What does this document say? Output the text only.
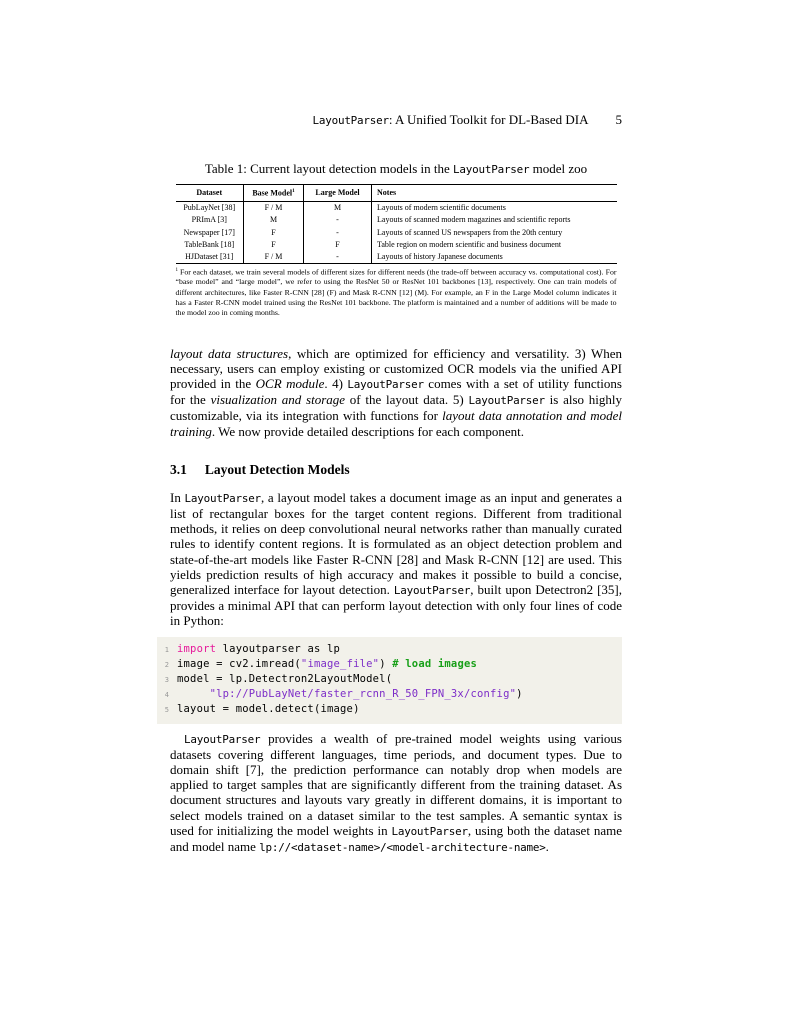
LayoutParser: A Unified Toolkit for DL-Based DIA 5
Table 1: Current layout detection models in the LayoutParser model zoo
Dataset	Base Model$^1$	Large Model	Notes
PubLayNet [38]	F / M	M	Layouts of modern scientific documents
PRImA [3]	M	-	Layouts of scanned modern magazines and scientific reports
Newspaper [17]	F	-	Layouts of scanned US newspapers from the 20th century
TableBank [18]	F	F	Table region on modern scientific and business document
HJDataset [31]	F / M	-	Layouts of history Japanese documents

$^1$ For each dataset, we train several models of different sizes for different needs (the trade-off between accuracy vs. computational cost). For “base model” and “large model”, we refer to using the ResNet 50 or ResNet 101 backbones [13], respectively. One can train models of different architectures, like Faster R-CNN [28] (F) and Mask R-CNN [12] (M). For example, an F in the Large Model column indicates it has a Faster R-CNN model trained using the ResNet 101 backbone. The platform is maintained and a number of additions will be made to the model zoo in coming months.

layout data structures, which are optimized for efficiency and versatility. 3) When necessary, users can employ existing or customized OCR models via the unified API provided in the OCR module. 4) LayoutParser comes with a set of utility functions for the visualization and storage of the layout data. 5) LayoutParser is also highly customizable, via its integration with functions for layout data annotation and model training. We now provide detailed descriptions for each component.

3.1 Layout Detection Models

In LayoutParser, a layout model takes a document image as an input and generates a list of rectangular boxes for the target content regions. Different from traditional methods, it relies on deep convolutional neural networks rather than manually curated rules to identify content regions. It is formulated as an object detection problem and state-of-the-art models like Faster R-CNN [28] and Mask R-CNN [12] are used. This yields prediction results of high accuracy and makes it possible to build a concise, generalized interface for layout detection. LayoutParser, built upon Detectron2 [35], provides a minimal API that can perform layout detection with only four lines of code in Python:

1 import layoutparser as lp
2 image = cv2.imread("image_file") # load images
3 model = lp.Detectron2LayoutModel(
4	"lp://PubLayNet/faster_rcnn_R_50_FPN_3x/config")
5 layout = model.detect(image)

LayoutParser provides a wealth of pre-trained model weights using various datasets covering different languages, time periods, and document types. Due to domain shift [7], the prediction performance can notably drop when models are applied to target samples that are significantly different from the training dataset. As document structures and layouts vary greatly in different domains, it is important to select models trained on a dataset similar to the test samples. A semantic syntax is used for initializing the model weights in LayoutParser, using both the dataset name and model name lp://<dataset-name>/<model-architecture-name>.
